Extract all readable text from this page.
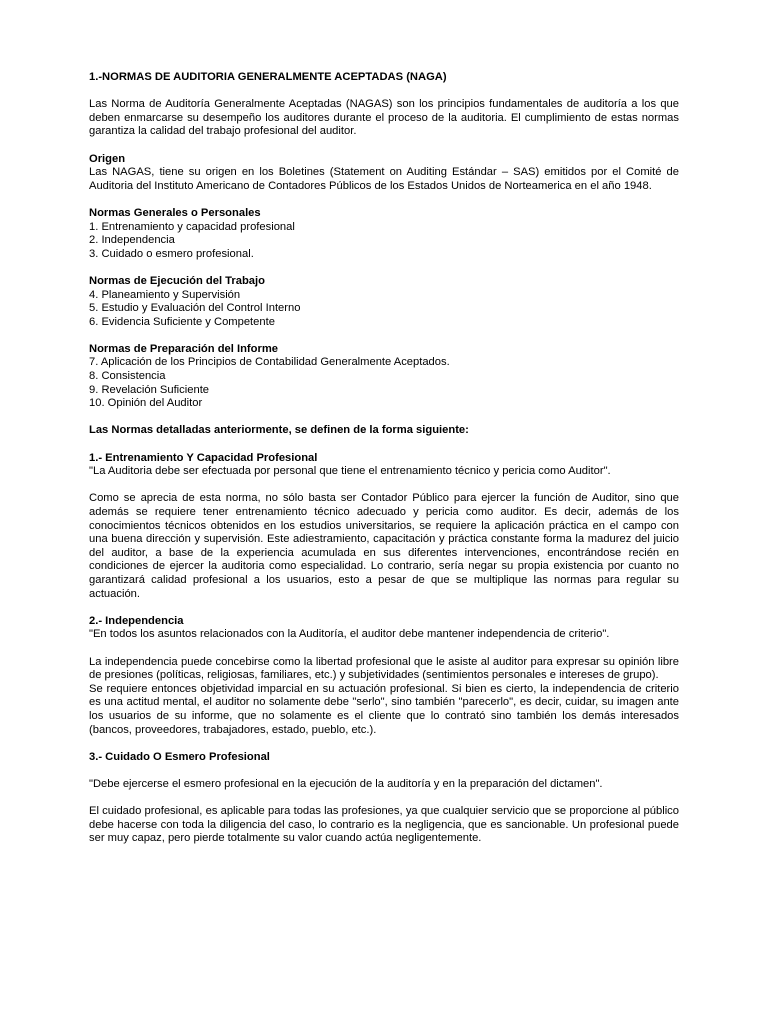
1.-NORMAS DE AUDITORIA GENERALMENTE ACEPTADAS (NAGA)

Las Norma de Auditoría Generalmente Aceptadas (NAGAS) son los principios fundamentales de auditoría a los que deben enmarcarse su desempeño los auditores durante el proceso de la auditoria. El cumplimiento de estas normas garantiza la calidad del trabajo profesional del auditor.

Origen

Las NAGAS, tiene su origen en los Boletines (Statement on Auditing Estándar – SAS) emitidos por el Comité de Auditoria del Instituto Americano de Contadores Públicos de los Estados Unidos de Norteamerica en el año 1948.

Normas Generales o Personales

1. Entrenamiento y capacidad profesional

2. Independencia

3. Cuidado o esmero profesional.

Normas de Ejecución del Trabajo

4. Planeamiento y Supervisión

5. Estudio y Evaluación del Control Interno

6. Evidencia Suficiente y Competente

Normas de Preparación del Informe

7. Aplicación de los Principios de Contabilidad Generalmente Aceptados.

8. Consistencia

9. Revelación Suficiente

10. Opinión del Auditor

Las Normas detalladas anteriormente, se definen de la forma siguiente:

1.- Entrenamiento Y Capacidad Profesional

"La Auditoria debe ser efectuada por personal que tiene el entrenamiento técnico y pericia como Auditor".

Como se aprecia de esta norma, no sólo basta ser Contador Público para ejercer la función de Auditor, sino que además se requiere tener entrenamiento técnico adecuado y pericia como auditor. Es decir, además de los conocimientos técnicos obtenidos en los estudios universitarios, se requiere la aplicación práctica en el campo con una buena dirección y supervisión. Este adiestramiento, capacitación y práctica constante forma la madurez del juicio del auditor, a base de la experiencia acumulada en sus diferentes intervenciones, encontrándose recién en condiciones de ejercer la auditoria como especialidad. Lo contrario, sería negar su propia existencia por cuanto no garantizará calidad profesional a los usuarios, esto a pesar de que se multiplique las normas para regular su actuación.

2.- Independencia

"En todos los asuntos relacionados con la Auditoría, el auditor debe mantener independencia de criterio".

La independencia puede concebirse como la libertad profesional que le asiste al auditor para expresar su opinión libre de presiones (políticas, religiosas, familiares, etc.) y subjetividades (sentimientos personales e intereses de grupo).

Se requiere entonces objetividad imparcial en su actuación profesional. Si bien es cierto, la independencia de criterio es una actitud mental, el auditor no solamente debe "serlo", sino también "parecerlo", es decir, cuidar, su imagen ante los usuarios de su informe, que no solamente es el cliente que lo contrató sino también los demás interesados (bancos, proveedores, trabajadores, estado, pueblo, etc.).

3.- Cuidado O Esmero Profesional

"Debe ejercerse el esmero profesional en la ejecución de la auditoría y en la preparación del dictamen".

El cuidado profesional, es aplicable para todas las profesiones, ya que cualquier servicio que se proporcione al público debe hacerse con toda la diligencia del caso, lo contrario es la negligencia, que es sancionable. Un profesional puede ser muy capaz, pero pierde totalmente su valor cuando actúa negligentemente.
